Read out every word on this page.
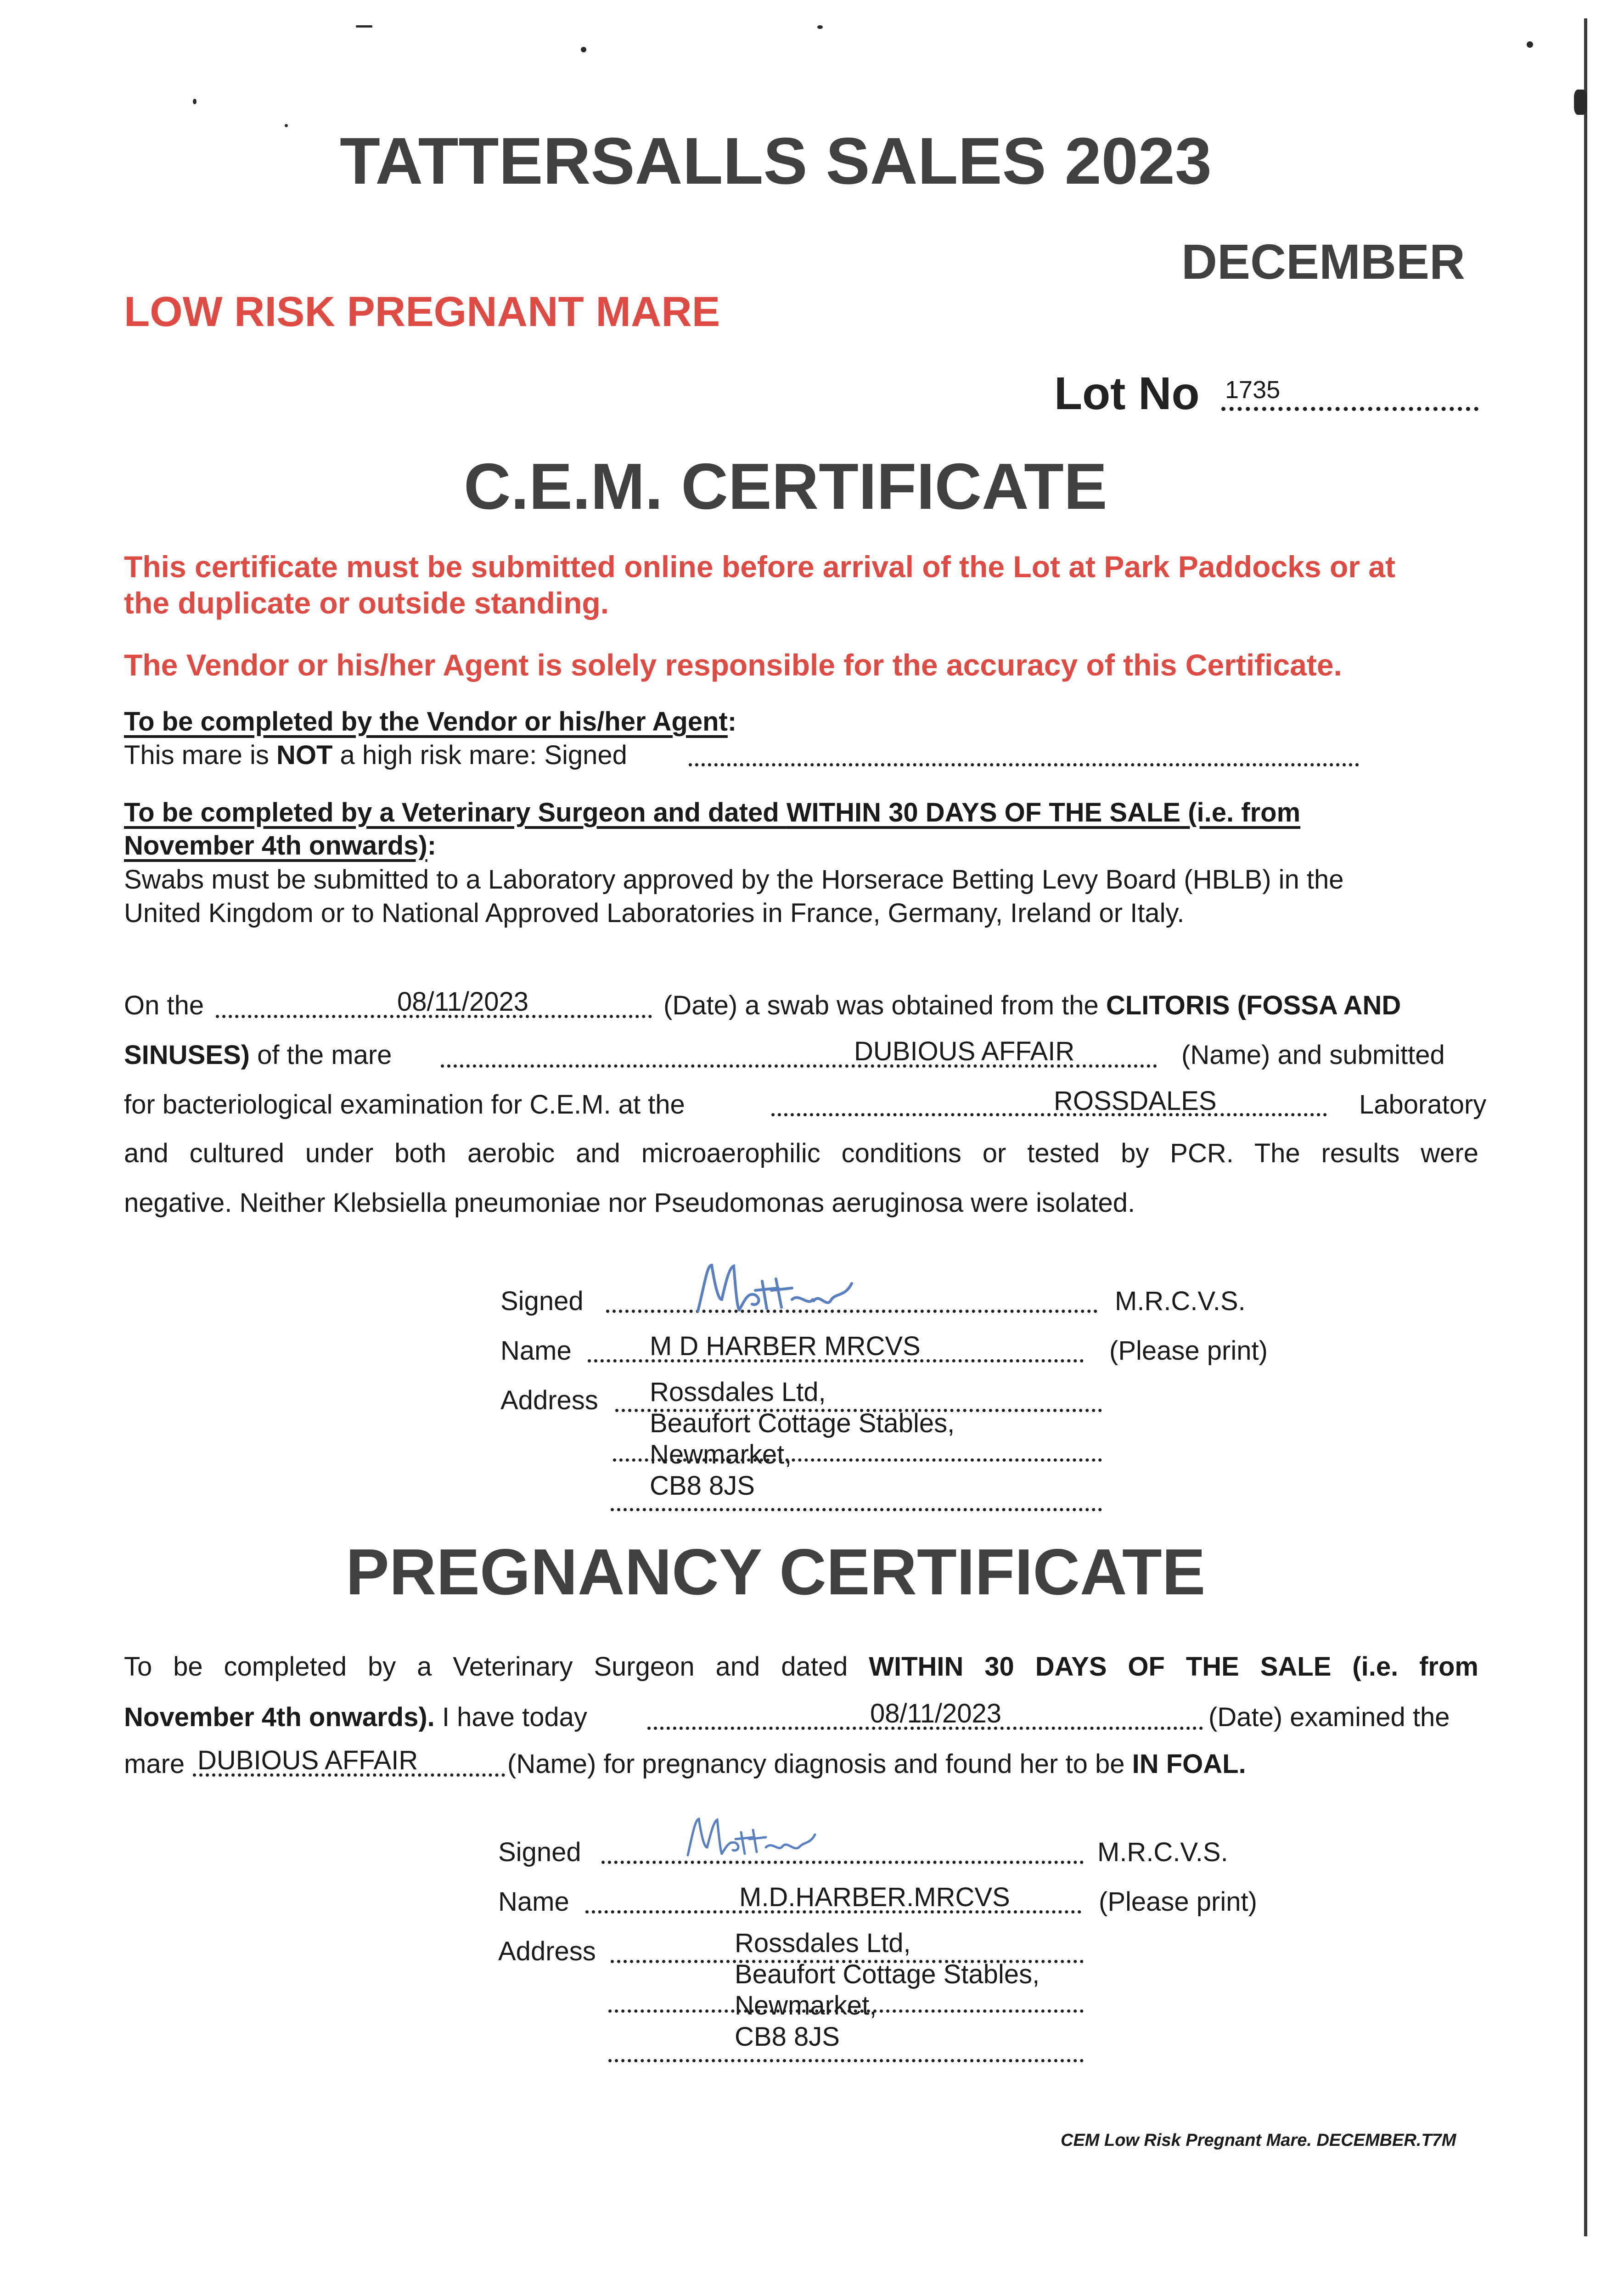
TATTERSALLS SALES 2023
DECEMBER
LOW RISK PREGNANT MARE
Lot No 1735
C.E.M. CERTIFICATE
This certificate must be submitted online before arrival of the Lot at Park Paddocks or at
the duplicate or outside standing.
The Vendor or his/her Agent is solely responsible for the accuracy of this Certificate.
To be completed by the Vendor or his/her Agent:
This mare is NOT a high risk mare: Signed
To be completed by a Veterinary Surgeon and dated WITHIN 30 DAYS OF THE SALE (i.e. from
November 4th onwards):
Swabs must be submitted to a Laboratory approved by the Horserace Betting Levy Board (HBLB) in the
United Kingdom or to National Approved Laboratories in France, Germany, Ireland or Italy.
On the	08/11/2023	(Date) a swab was obtained from the CLITORIS (FOSSA AND
SINUSES) of the mare	DUBIOUS AFFAIR	(Name) and submitted
for bacteriological examination for C.E.M. at the	ROSSDALES	Laboratory
and cultured under both aerobic and microaerophilic conditions or tested by PCR. The results were
negative. Neither Klebsiella pneumoniae nor Pseudomonas aeruginosa were isolated.
Signed	M.R.C.V.S.
Name	M D HARBER MRCVS	(Please print)
Address Rossdales Ltd,
Beaufort Cottage Stables,
Newmarket,
CB8 8JS
PREGNANCY CERTIFICATE
To be completed by a Veterinary Surgeon and dated WITHIN 30 DAYS OF THE SALE (i.e. from
November 4th onwards). I have today	08/11/2023	(Date) examined the
mare DUBIOUS AFFAIR	(Name) for pregnancy diagnosis and found her to be IN FOAL.
Signed	M.R.C.V.S.
Name	M.D.HARBER.MRCVS	(Please print)
Address	Rossdales Ltd,
Beaufort Cottage Stables,
Newmarket,
CB8 8JS
CEM Low Risk Pregnant Mare. DECEMBER.T7M
